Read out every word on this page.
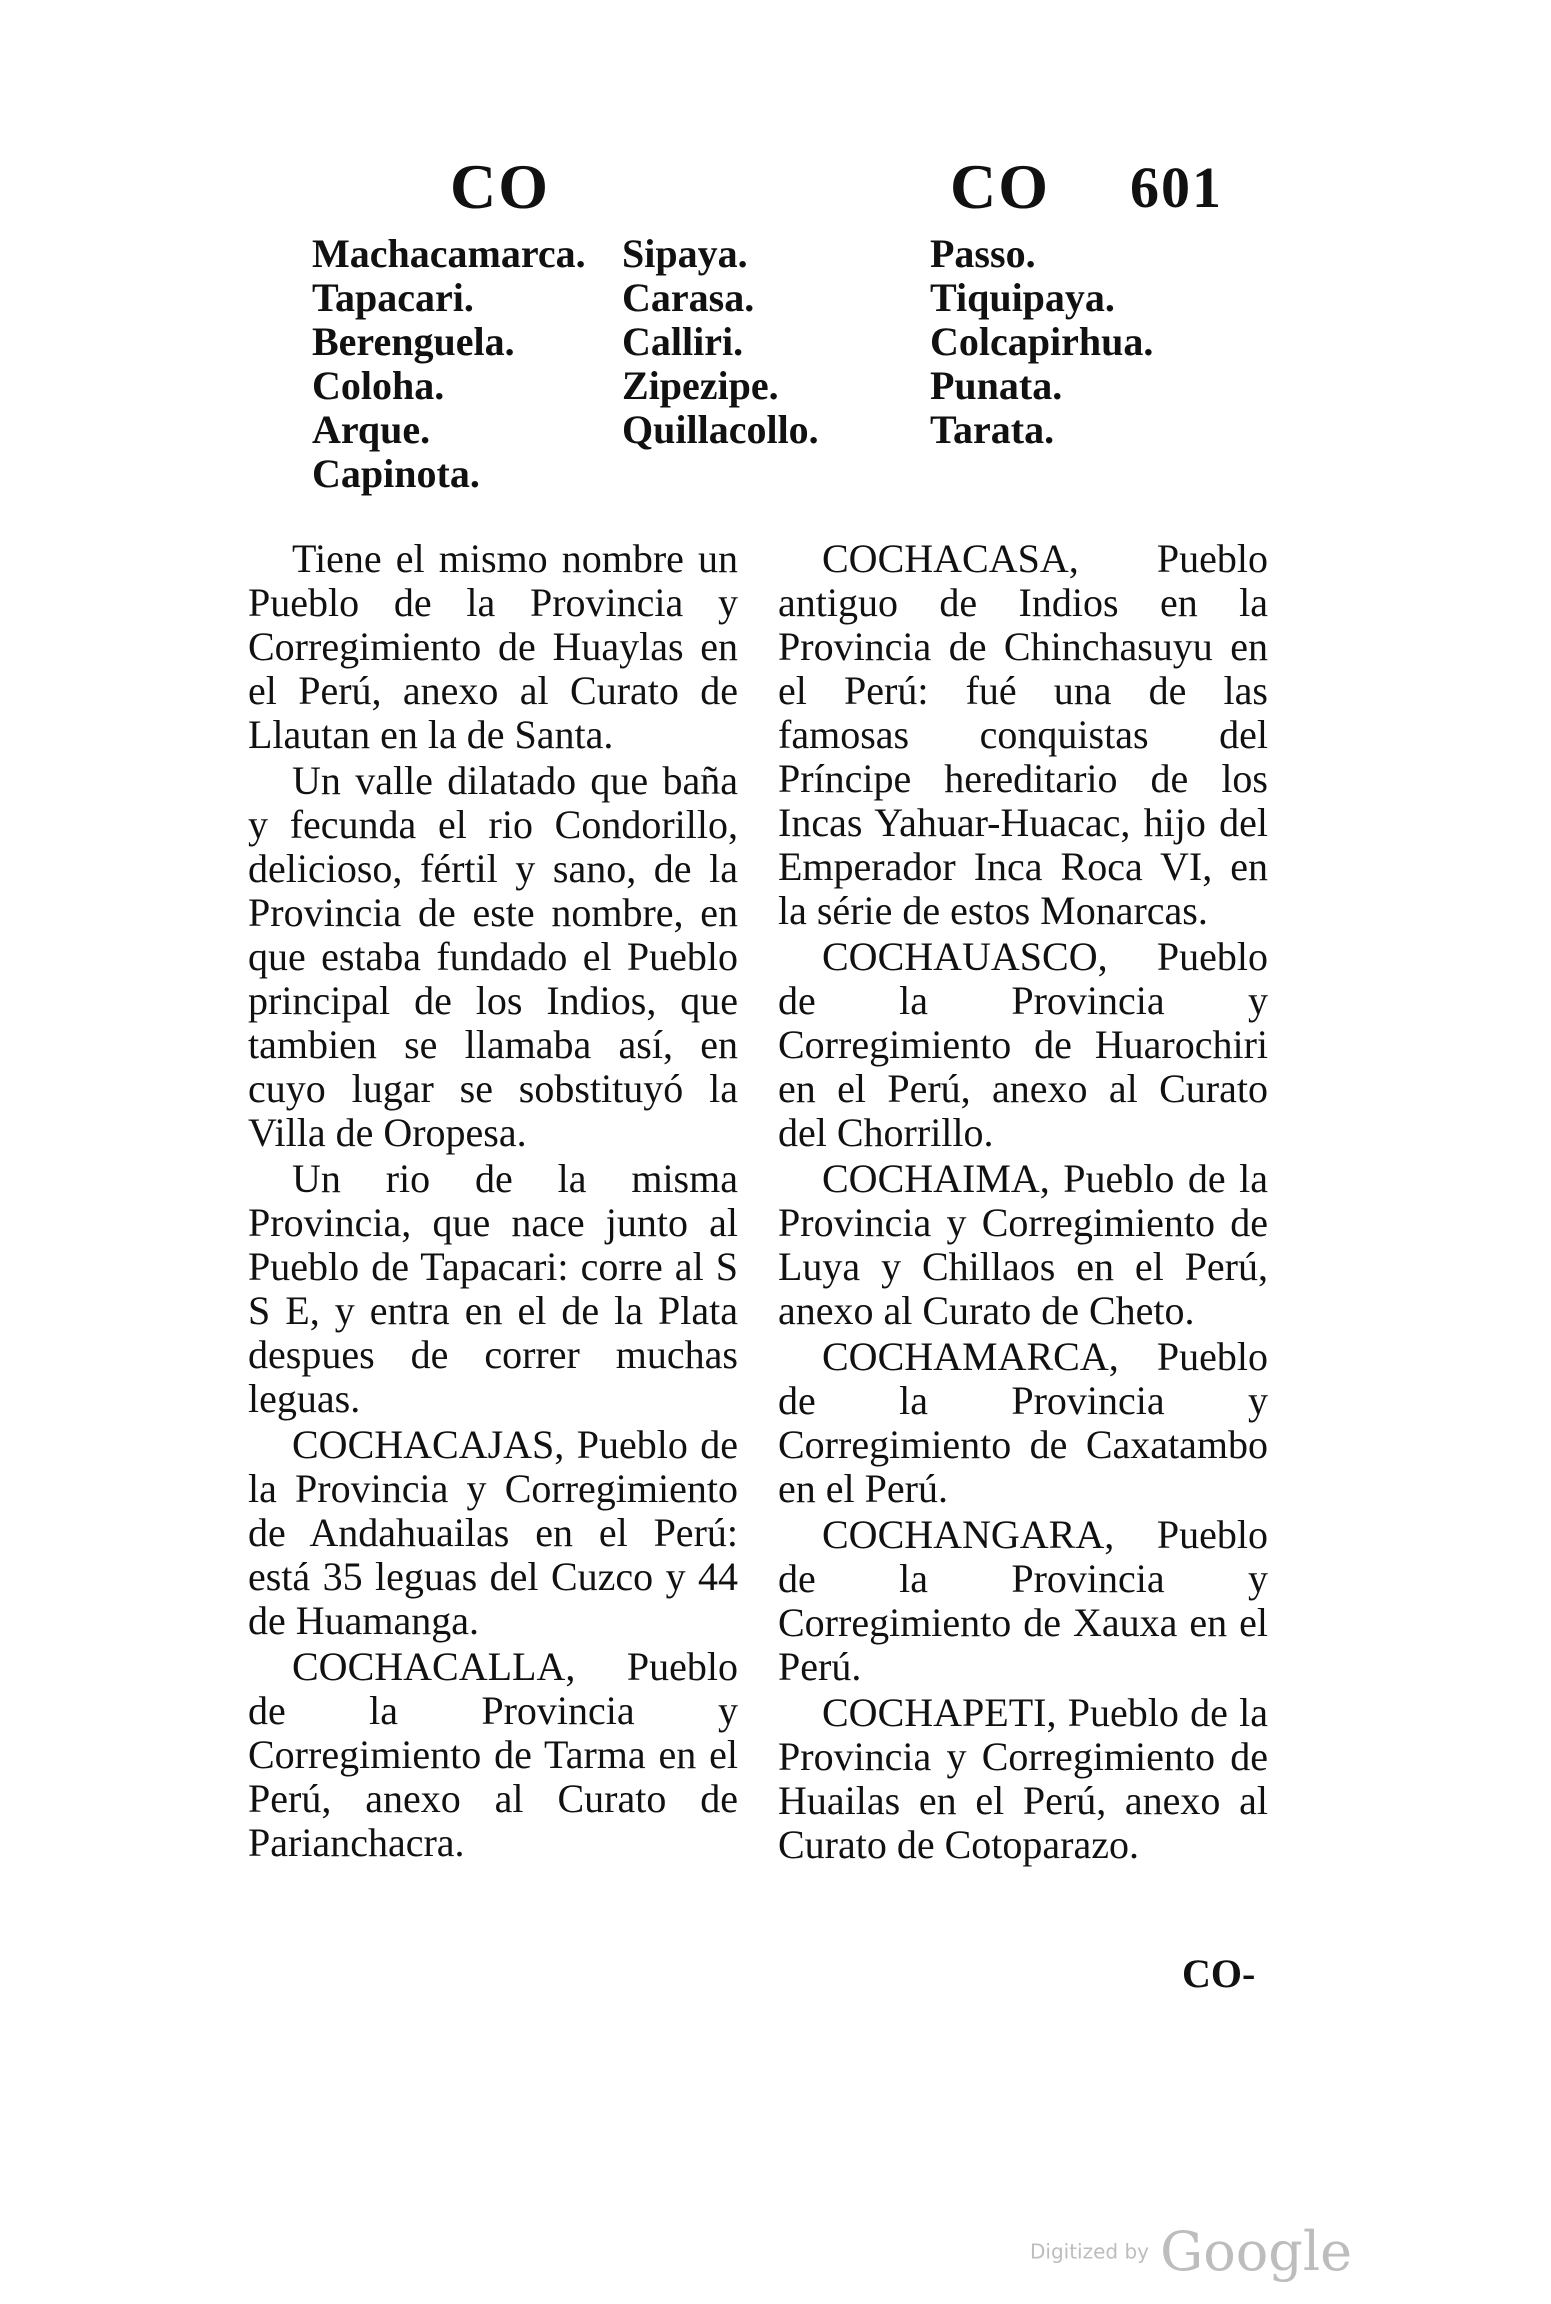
CO	CO 601
Machacamarca.
Tapacari.
Berenguela.
Coloha.
Arque.
Capinota.
Sipaya.
Carasa.
Calliri.
Zipezipe.
Quillacollo.
Passo.
Tiquipaya.
Colcapirhua.
Punata.
Tarata.

Tiene el mismo nombre un Pueblo de la Provincia y Corregimiento de Huaylas en el Perú, anexo al Curato de Llautan en la de Santa.

Un valle dilatado que baña y fecunda el rio Condorillo, delicioso, fértil y sano, de la Provincia de este nombre, en que estaba fundado el Pueblo principal de los Indios, que tambien se llamaba así, en cuyo lugar se sobstituyó la Villa de Oropesa.

Un rio de la misma Provincia, que nace junto al Pueblo de Tapacari: corre al S S E, y entra en el de la Plata despues de correr muchas leguas.

COCHACAJAS, Pueblo de la Provincia y Corregimiento de Andahuailas en el Perú: está 35 leguas del Cuzco y 44 de Huamanga.

COCHACALLA, Pueblo de la Provincia y Corregimiento de Tarma en el Perú, anexo al Curato de Parianchacra.

COCHACASA, Pueblo antiguo de Indios en la Provincia de Chinchasuyu en el Perú: fué una de las famosas conquistas del Príncipe hereditario de los Incas Yahuar-Huacac, hijo del Emperador Inca Roca VI, en la série de estos Monarcas.

COCHAUASCO, Pueblo de la Provincia y Corregimiento de Huarochiri en el Perú, anexo al Curato del Chorrillo.

COCHAIMA, Pueblo de la Provincia y Corregimiento de Luya y Chillaos en el Perú, anexo al Curato de Cheto.

COCHAMARCA, Pueblo de la Provincia y Corregimiento de Caxatambo en el Perú.

COCHANGARA, Pueblo de la Provincia y Corregimiento de Xauxa en el Perú.

COCHAPETI, Pueblo de la Provincia y Corregimiento de Huailas en el Perú, anexo al Curato de Cotoparazo.

CO-
Digitized by Google
